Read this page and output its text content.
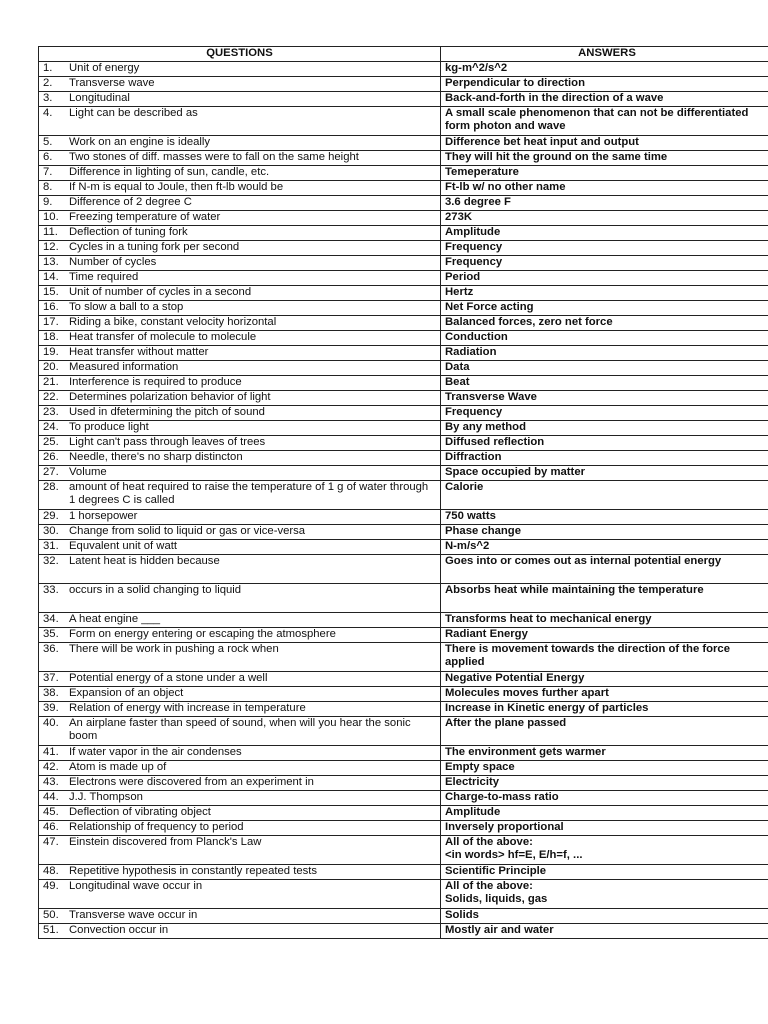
QUESTIONS	ANSWERS

1. Unit of energy	kg-m^2/s^2

2. Transverse wave	Perpendicular to direction

3. Longitudinal	Back-and-forth in the direction of a wave

4. Light can be described as	A small scale phenomenon that can not be differentiated form photon and wave

5. Work on an engine is ideally	Difference bet heat input and output

6. Two stones of diff. masses were to fall on the same height	They will hit the ground on the same time

7. Difference in lighting of sun, candle, etc.	Temeperature

8. If N-m is equal to Joule, then ft-lb would be	Ft-lb w/ no other name

9. Difference of 2 degree C	3.6 degree F

10. Freezing temperature of water	273K

11. Deflection of tuning fork	Amplitude

12. Cycles in a tuning fork per second	Frequency

13. Number of cycles	Frequency

14. Time required	Period

15. Unit of number of cycles in a second	Hertz

16. To slow a ball to a stop	Net Force acting

17. Riding a bike, constant velocity horizontal	Balanced forces, zero net force

18. Heat transfer of molecule to molecule	Conduction

19. Heat transfer without matter	Radiation

20. Measured information	Data

21. Interference is required to produce	Beat

22. Determines polarization behavior of light	Transverse Wave

23. Used in dfetermining the pitch of sound	Frequency

24. To produce light	By any method

25. Light can't pass through leaves of trees	Diffused reflection

26. Needle, there's no sharp distincton	Diffraction

27. Volume	Space occupied by matter

28. amount of heat required to raise the temperature of 1 g of water through 1 degrees C is called	Calorie

29. 1 horsepower	750 watts

30. Change from solid to liquid or gas or vice-versa	Phase change

31. Equvalent unit of watt	N-m/s^2

32. Latent heat is hidden because	Goes into or comes out as internal potential energy

33. occurs in a solid changing to liquid	Absorbs heat while maintaining the temperature

34. A heat engine ___	Transforms heat to mechanical energy

35. Form on energy entering or escaping the atmosphere	Radiant Energy

36. There will be work in pushing a rock when	There is movement towards the direction of the force applied

37. Potential energy of a stone under a well	Negative Potential Energy

38. Expansion of an object	Molecules moves further apart

39. Relation of energy with increase in temperature	Increase in Kinetic energy of particles

40. An airplane faster than speed of sound, when will you hear the sonic boom	After the plane passed

41. If water vapor in the air condenses	The environment gets warmer

42. Atom is made up of	Empty space

43. Electrons were discovered from an experiment in	Electricity

44. J.J. Thompson	Charge-to-mass ratio

45. Deflection of vibrating object	Amplitude

46. Relationship of frequency to period	Inversely proportional

47. Einstein discovered from Planck's Law	All of the above:
<in words> hf=E, E/h=f, ...

48. Repetitive hypothesis in constantly repeated tests	Scientific Principle

49. Longitudinal wave occur in	All of the above:
Solids, liquids, gas

50. Transverse wave occur in	Solids

51. Convection occur in	Mostly air and water
